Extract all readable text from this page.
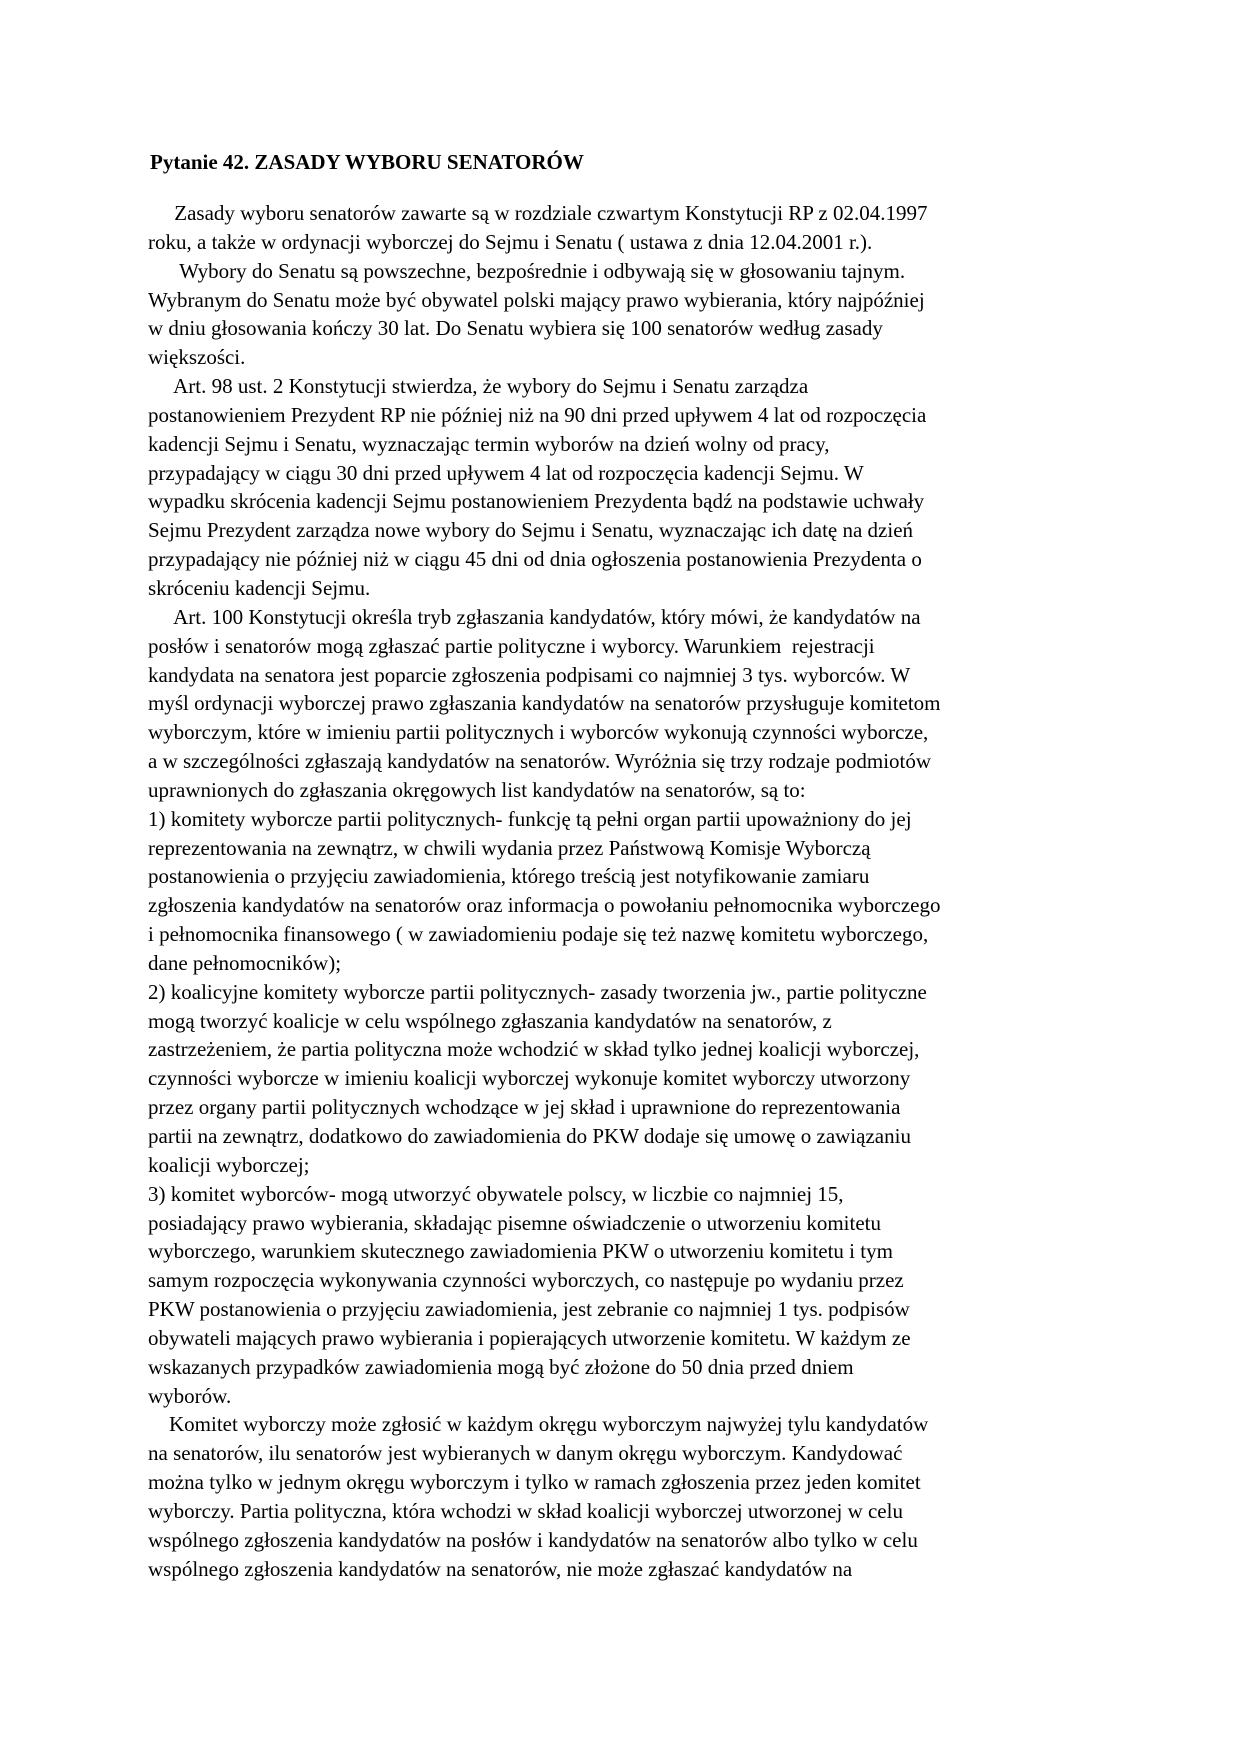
Pytanie 42. ZASADY WYBORU SENATORÓW
Zasady wyboru senatorów zawarte są w rozdziale czwartym Konstytucji RP z 02.04.1997
roku, a także w ordynacji wyborczej do Sejmu i Senatu ( ustawa z dnia 12.04.2001 r.).
Wybory do Senatu są powszechne, bezpośrednie i odbywają się w głosowaniu tajnym.
Wybranym do Senatu może być obywatel polski mający prawo wybierania, który najpóźniej
w dniu głosowania kończy 30 lat. Do Senatu wybiera się 100 senatorów według zasady
większości.
Art. 98 ust. 2 Konstytucji stwierdza, że wybory do Sejmu i Senatu zarządza
postanowieniem Prezydent RP nie później niż na 90 dni przed upływem 4 lat od rozpoczęcia
kadencji Sejmu i Senatu, wyznaczając termin wyborów na dzień wolny od pracy,
przypadający w ciągu 30 dni przed upływem 4 lat od rozpoczęcia kadencji Sejmu. W
wypadku skrócenia kadencji Sejmu postanowieniem Prezydenta bądź na podstawie uchwały
Sejmu Prezydent zarządza nowe wybory do Sejmu i Senatu, wyznaczając ich datę na dzień
przypadający nie później niż w ciągu 45 dni od dnia ogłoszenia postanowienia Prezydenta o
skróceniu kadencji Sejmu.
Art. 100 Konstytucji określa tryb zgłaszania kandydatów, który mówi, że kandydatów na
posłów i senatorów mogą zgłaszać partie polityczne i wyborcy. Warunkiem  rejestracji
kandydata na senatora jest poparcie zgłoszenia podpisami co najmniej 3 tys. wyborców. W
myśl ordynacji wyborczej prawo zgłaszania kandydatów na senatorów przysługuje komitetom
wyborczym, które w imieniu partii politycznych i wyborców wykonują czynności wyborcze,
a w szczególności zgłaszają kandydatów na senatorów. Wyróżnia się trzy rodzaje podmiotów
uprawnionych do zgłaszania okręgowych list kandydatów na senatorów, są to:
1) komitety wyborcze partii politycznych- funkcję tą pełni organ partii upoważniony do jej
reprezentowania na zewnątrz, w chwili wydania przez Państwową Komisje Wyborczą
postanowienia o przyjęciu zawiadomienia, którego treścią jest notyfikowanie zamiaru
zgłoszenia kandydatów na senatorów oraz informacja o powołaniu pełnomocnika wyborczego
i pełnomocnika finansowego ( w zawiadomieniu podaje się też nazwę komitetu wyborczego,
dane pełnomocników);
2) koalicyjne komitety wyborcze partii politycznych- zasady tworzenia jw., partie polityczne
mogą tworzyć koalicje w celu wspólnego zgłaszania kandydatów na senatorów, z
zastrzeżeniem, że partia polityczna może wchodzić w skład tylko jednej koalicji wyborczej,
czynności wyborcze w imieniu koalicji wyborczej wykonuje komitet wyborczy utworzony
przez organy partii politycznych wchodzące w jej skład i uprawnione do reprezentowania
partii na zewnątrz, dodatkowo do zawiadomienia do PKW dodaje się umowę o zawiązaniu
koalicji wyborczej;
3) komitet wyborców- mogą utworzyć obywatele polscy, w liczbie co najmniej 15,
posiadający prawo wybierania, składając pisemne oświadczenie o utworzeniu komitetu
wyborczego, warunkiem skutecznego zawiadomienia PKW o utworzeniu komitetu i tym
samym rozpoczęcia wykonywania czynności wyborczych, co następuje po wydaniu przez
PKW postanowienia o przyjęciu zawiadomienia, jest zebranie co najmniej 1 tys. podpisów
obywateli mających prawo wybierania i popierających utworzenie komitetu. W każdym ze
wskazanych przypadków zawiadomienia mogą być złożone do 50 dnia przed dniem
wyborów.
Komitet wyborczy może zgłosić w każdym okręgu wyborczym najwyżej tylu kandydatów
na senatorów, ilu senatorów jest wybieranych w danym okręgu wyborczym. Kandydować
można tylko w jednym okręgu wyborczym i tylko w ramach zgłoszenia przez jeden komitet
wyborczy. Partia polityczna, która wchodzi w skład koalicji wyborczej utworzonej w celu
wspólnego zgłoszenia kandydatów na posłów i kandydatów na senatorów albo tylko w celu
wspólnego zgłoszenia kandydatów na senatorów, nie może zgłaszać kandydatów na
